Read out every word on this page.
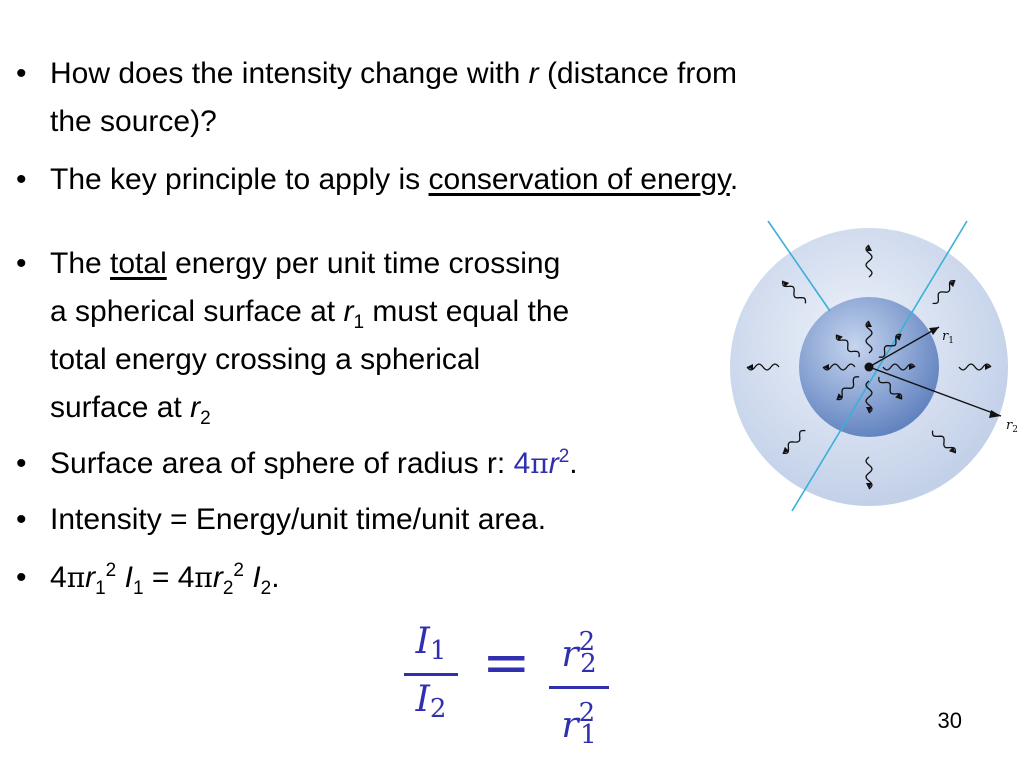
• How does the intensity change with r (distance from
the source)?
• The key principle to apply is conservation of energy.
• The total energy per unit time crossing
a spherical surface at $r_1$ must equal the
total energy crossing a spherical
surface at $r_2$
• Surface area of sphere of radius r: $4\pi r^2$.
• Intensity = Energy/unit time/unit area.
• $4\pi r_1^2$ $I_1 = 4\pi r_2^2$ $I_2$.
$r_1$
$r_2$
$\frac{I1}{I2} = \frac{r^22}{r^21}$	30
